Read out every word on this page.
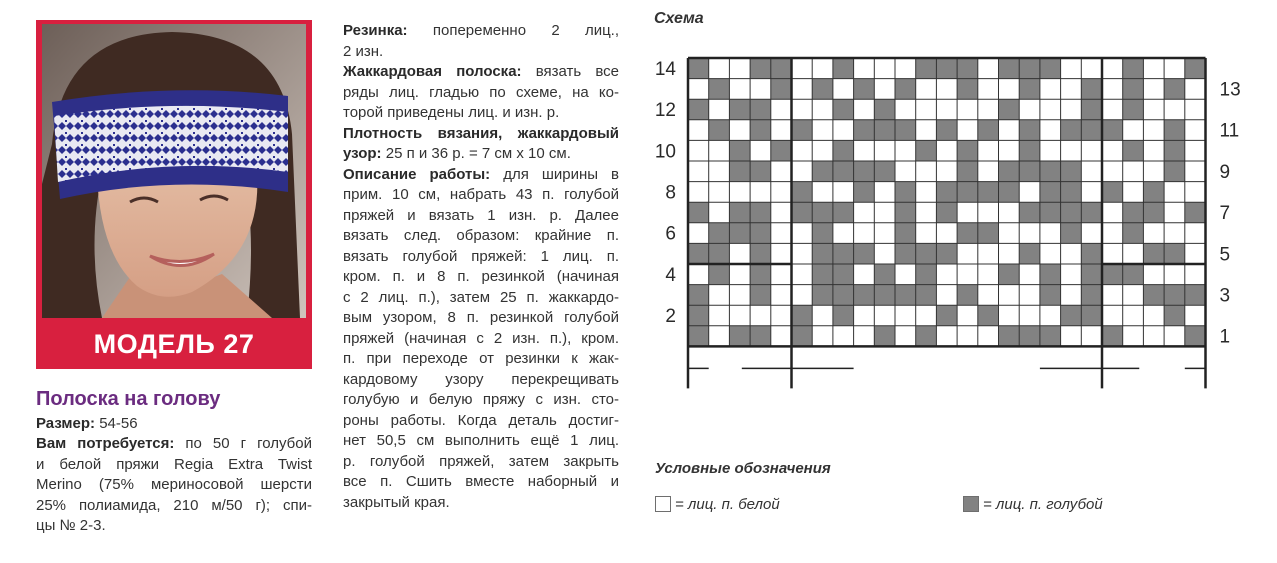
МОДЕЛЬ 27
Полоска на голову
Размер: 54-56
Вам потребуется: по 50 г голубой
и белой пряжи Regia Extra Twist
Merino (75% мериносовой шерсти
25% полиамида, 210 м/50 г); спи-
цы № 2-3.
Резинка: попеременно 2 лиц.,
2 изн.
Жаккардовая полоска: вязать все
ряды лиц. гладью по схеме, на ко-
торой приведены лиц. и изн. р.
Плотность вязания, жаккардовый
узор: 25 п и 36 р. = 7 см х 10 см.
Описание работы: для ширины в
прим. 10 см, набрать 43 п. голубой
пряжей и вязать 1 изн. р. Далее
вязать след. образом: крайние п.
вязать голубой пряжей: 1 лиц. п.
кром. п. и 8 п. резинкой (начиная
с 2 лиц. п.), затем 25 п. жаккардо-
вым узором, 8 п. резинкой голубой
пряжей (начиная с 2 изн. п.), кром.
п. при переходе от резинки к жак-
кардовому узору перекрещивать
голубую и белую пряжу с изн. сто-
роны работы. Когда деталь достиг-
нет 50,5 см выполнить ещё 1 лиц.
р. голубой пряжей, затем закрыть
все п. Сшить вместе наборный и
закрытый края.
Схема
14
12
10
8
6
4
2
13
11
9
7
5
3
1
Условные обозначения
= лиц. п. белой	= лиц. п. голубой
